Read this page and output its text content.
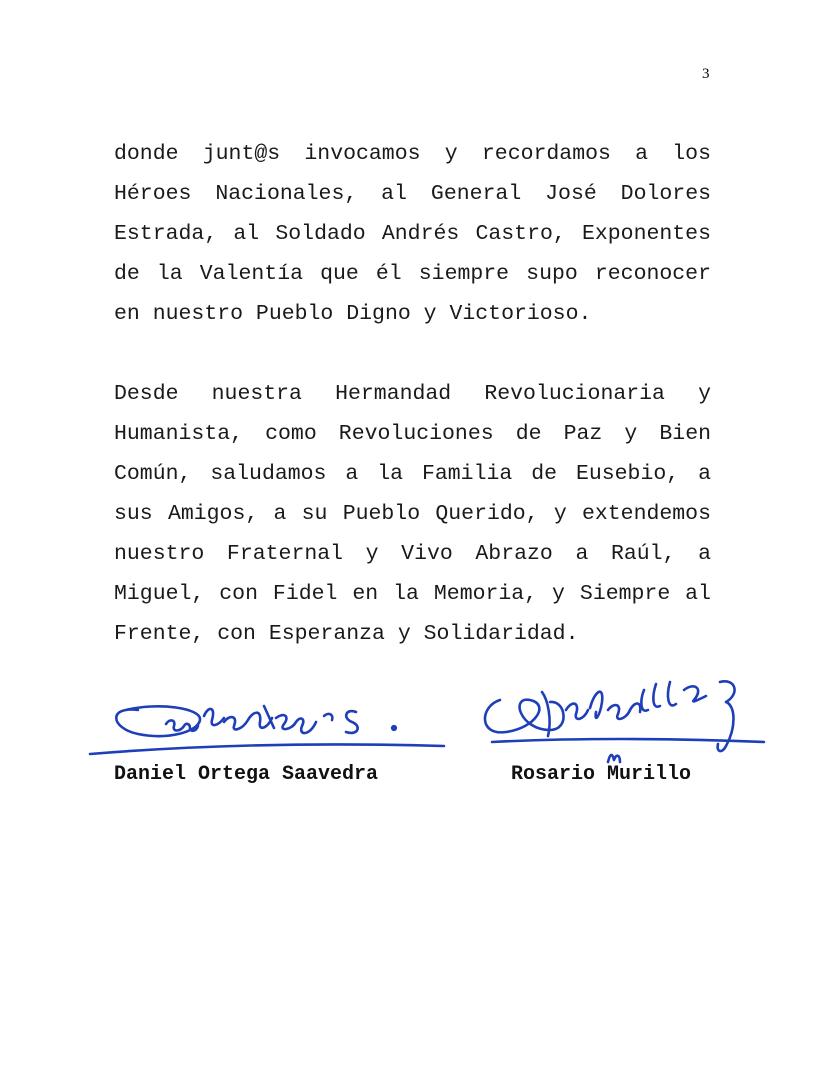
3

donde junt@s invocamos y recordamos a los Héroes Nacionales, al General José Dolores Estrada, al Soldado Andrés Castro, Exponentes de la Valentía que él siempre supo reconocer en nuestro Pueblo Digno y Victorioso.

Desde nuestra Hermandad Revolucionaria y Humanista, como Revoluciones de Paz y Bien Común, saludamos a la Familia de Eusebio, a sus Amigos, a su Pueblo Querido, y extendemos nuestro Fraternal y Vivo Abrazo a Raúl, a Miguel, con Fidel en la Memoria, y Siempre al Frente, con Esperanza y Solidaridad.

Daniel Ortega Saavedra	Rosario Murillo
